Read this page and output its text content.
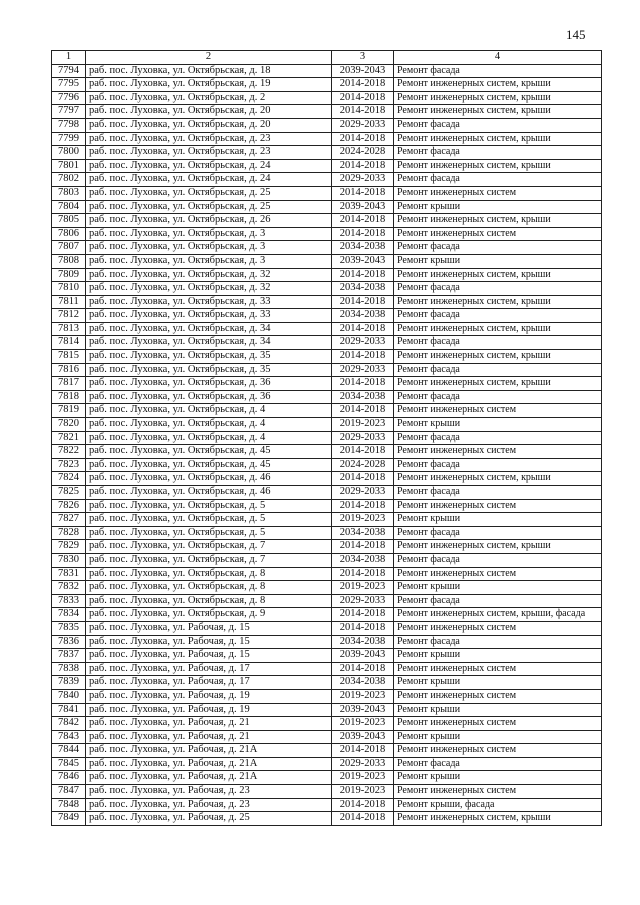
145
1	2	3	4
7794	раб. пос. Луховка, ул. Октябрьская, д. 18	2039-2043	Ремонт фасада
7795	раб. пос. Луховка, ул. Октябрьская, д. 19	2014-2018	Ремонт инженерных систем, крыши
7796	раб. пос. Луховка, ул. Октябрьская, д. 2	2014-2018	Ремонт инженерных систем, крыши
7797	раб. пос. Луховка, ул. Октябрьская, д. 20	2014-2018	Ремонт инженерных систем, крыши
7798	раб. пос. Луховка, ул. Октябрьская, д. 20	2029-2033	Ремонт фасада
7799	раб. пос. Луховка, ул. Октябрьская, д. 23	2014-2018	Ремонт инженерных систем, крыши
7800	раб. пос. Луховка, ул. Октябрьская, д. 23	2024-2028	Ремонт фасада
7801	раб. пос. Луховка, ул. Октябрьская, д. 24	2014-2018	Ремонт инженерных систем, крыши
7802	раб. пос. Луховка, ул. Октябрьская, д. 24	2029-2033	Ремонт фасада
7803	раб. пос. Луховка, ул. Октябрьская, д. 25	2014-2018	Ремонт инженерных систем
7804	раб. пос. Луховка, ул. Октябрьская, д. 25	2039-2043	Ремонт крыши
7805	раб. пос. Луховка, ул. Октябрьская, д. 26	2014-2018	Ремонт инженерных систем, крыши
7806	раб. пос. Луховка, ул. Октябрьская, д. 3	2014-2018	Ремонт инженерных систем
7807	раб. пос. Луховка, ул. Октябрьская, д. 3	2034-2038	Ремонт фасада
7808	раб. пос. Луховка, ул. Октябрьская, д. 3	2039-2043	Ремонт крыши
7809	раб. пос. Луховка, ул. Октябрьская, д. 32	2014-2018	Ремонт инженерных систем, крыши
7810	раб. пос. Луховка, ул. Октябрьская, д. 32	2034-2038	Ремонт фасада
7811	раб. пос. Луховка, ул. Октябрьская, д. 33	2014-2018	Ремонт инженерных систем, крыши
7812	раб. пос. Луховка, ул. Октябрьская, д. 33	2034-2038	Ремонт фасада
7813	раб. пос. Луховка, ул. Октябрьская, д. 34	2014-2018	Ремонт инженерных систем, крыши
7814	раб. пос. Луховка, ул. Октябрьская, д. 34	2029-2033	Ремонт фасада
7815	раб. пос. Луховка, ул. Октябрьская, д. 35	2014-2018	Ремонт инженерных систем, крыши
7816	раб. пос. Луховка, ул. Октябрьская, д. 35	2029-2033	Ремонт фасада
7817	раб. пос. Луховка, ул. Октябрьская, д. 36	2014-2018	Ремонт инженерных систем, крыши
7818	раб. пос. Луховка, ул. Октябрьская, д. 36	2034-2038	Ремонт фасада
7819	раб. пос. Луховка, ул. Октябрьская, д. 4	2014-2018	Ремонт инженерных систем
7820	раб. пос. Луховка, ул. Октябрьская, д. 4	2019-2023	Ремонт крыши
7821	раб. пос. Луховка, ул. Октябрьская, д. 4	2029-2033	Ремонт фасада
7822	раб. пос. Луховка, ул. Октябрьская, д. 45	2014-2018	Ремонт инженерных систем
7823	раб. пос. Луховка, ул. Октябрьская, д. 45	2024-2028	Ремонт фасада
7824	раб. пос. Луховка, ул. Октябрьская, д. 46	2014-2018	Ремонт инженерных систем, крыши
7825	раб. пос. Луховка, ул. Октябрьская, д. 46	2029-2033	Ремонт фасада
7826	раб. пос. Луховка, ул. Октябрьская, д. 5	2014-2018	Ремонт инженерных систем
7827	раб. пос. Луховка, ул. Октябрьская, д. 5	2019-2023	Ремонт крыши
7828	раб. пос. Луховка, ул. Октябрьская, д. 5	2034-2038	Ремонт фасада
7829	раб. пос. Луховка, ул. Октябрьская, д. 7	2014-2018	Ремонт инженерных систем, крыши
7830	раб. пос. Луховка, ул. Октябрьская, д. 7	2034-2038	Ремонт фасада
7831	раб. пос. Луховка, ул. Октябрьская, д. 8	2014-2018	Ремонт инженерных систем
7832	раб. пос. Луховка, ул. Октябрьская, д. 8	2019-2023	Ремонт крыши
7833	раб. пос. Луховка, ул. Октябрьская, д. 8	2029-2033	Ремонт фасада
7834	раб. пос. Луховка, ул. Октябрьская, д. 9	2014-2018	Ремонт инженерных систем, крыши, фасада
7835	раб. пос. Луховка, ул. Рабочая, д. 15	2014-2018	Ремонт инженерных систем
7836	раб. пос. Луховка, ул. Рабочая, д. 15	2034-2038	Ремонт фасада
7837	раб. пос. Луховка, ул. Рабочая, д. 15	2039-2043	Ремонт крыши
7838	раб. пос. Луховка, ул. Рабочая, д. 17	2014-2018	Ремонт инженерных систем
7839	раб. пос. Луховка, ул. Рабочая, д. 17	2034-2038	Ремонт крыши
7840	раб. пос. Луховка, ул. Рабочая, д. 19	2019-2023	Ремонт инженерных систем
7841	раб. пос. Луховка, ул. Рабочая, д. 19	2039-2043	Ремонт крыши
7842	раб. пос. Луховка, ул. Рабочая, д. 21	2019-2023	Ремонт инженерных систем
7843	раб. пос. Луховка, ул. Рабочая, д. 21	2039-2043	Ремонт крыши
7844	раб. пос. Луховка, ул. Рабочая, д. 21А	2014-2018	Ремонт инженерных систем
7845	раб. пос. Луховка, ул. Рабочая, д. 21А	2029-2033	Ремонт фасада
7846	раб. пос. Луховка, ул. Рабочая, д. 21А	2019-2023	Ремонт крыши
7847	раб. пос. Луховка, ул. Рабочая, д. 23	2019-2023	Ремонт инженерных систем
7848	раб. пос. Луховка, ул. Рабочая, д. 23	2014-2018	Ремонт крыши, фасада
7849	раб. пос. Луховка, ул. Рабочая, д. 25	2014-2018	Ремонт инженерных систем, крыши
